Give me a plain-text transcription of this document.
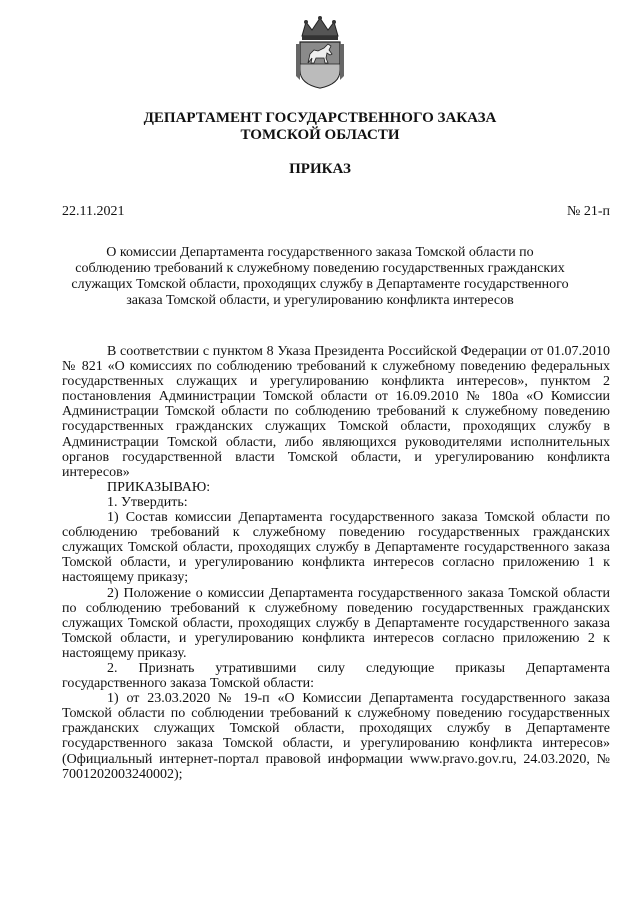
ДЕПАРТАМЕНТ ГОСУДАРСТВЕННОГО ЗАКАЗА
ТОМСКОЙ ОБЛАСТИ
ПРИКАЗ
22.11.2021	№ 21-п
О комиссии Департамента государственного заказа Томской области по соблюдению требований к служебному поведению государственных гражданских служащих Томской области, проходящих службу в Департаменте государственного заказа Томской области, и урегулированию конфликта интересов

В соответствии с пунктом 8 Указа Президента Российской Федерации от 01.07.2010 № 821 «О комиссиях по соблюдению требований к служебному поведению федеральных государственных служащих и урегулированию конфликта интересов», пунктом 2 постановления Администрации Томской области от 16.09.2010 № 180а «О Комиссии Администрации Томской области по соблюдению требований к служебному поведению государственных гражданских служащих Томской области, проходящих службу в Администрации Томской области, либо являющихся руководителями исполнительных органов государственной власти Томской области, и урегулированию конфликта интересов»

ПРИКАЗЫВАЮ:

1. Утвердить:

1) Состав комиссии Департамента государственного заказа Томской области по соблюдению требований к служебному поведению государственных гражданских служащих Томской области, проходящих службу в Департаменте государственного заказа Томской области, и урегулированию конфликта интересов согласно приложению 1 к настоящему приказу;

2) Положение о комиссии Департамента государственного заказа Томской области по соблюдению требований к служебному поведению государственных гражданских служащих Томской области, проходящих службу в Департаменте государственного заказа Томской области, и урегулированию конфликта интересов согласно приложению 2 к настоящему приказу.

2. Признать утратившими силу следующие приказы Департамента государственного заказа Томской области:

1) от 23.03.2020 № 19-п «О Комиссии Департамента государственного заказа Томской области по соблюдении требований к служебному поведению государственных гражданских служащих Томской области, проходящих службу в Департаменте государственного заказа Томской области, и урегулированию конфликта интересов» (Официальный интернет-портал правовой информации www.pravo.gov.ru, 24.03.2020, № 7001202003240002);
